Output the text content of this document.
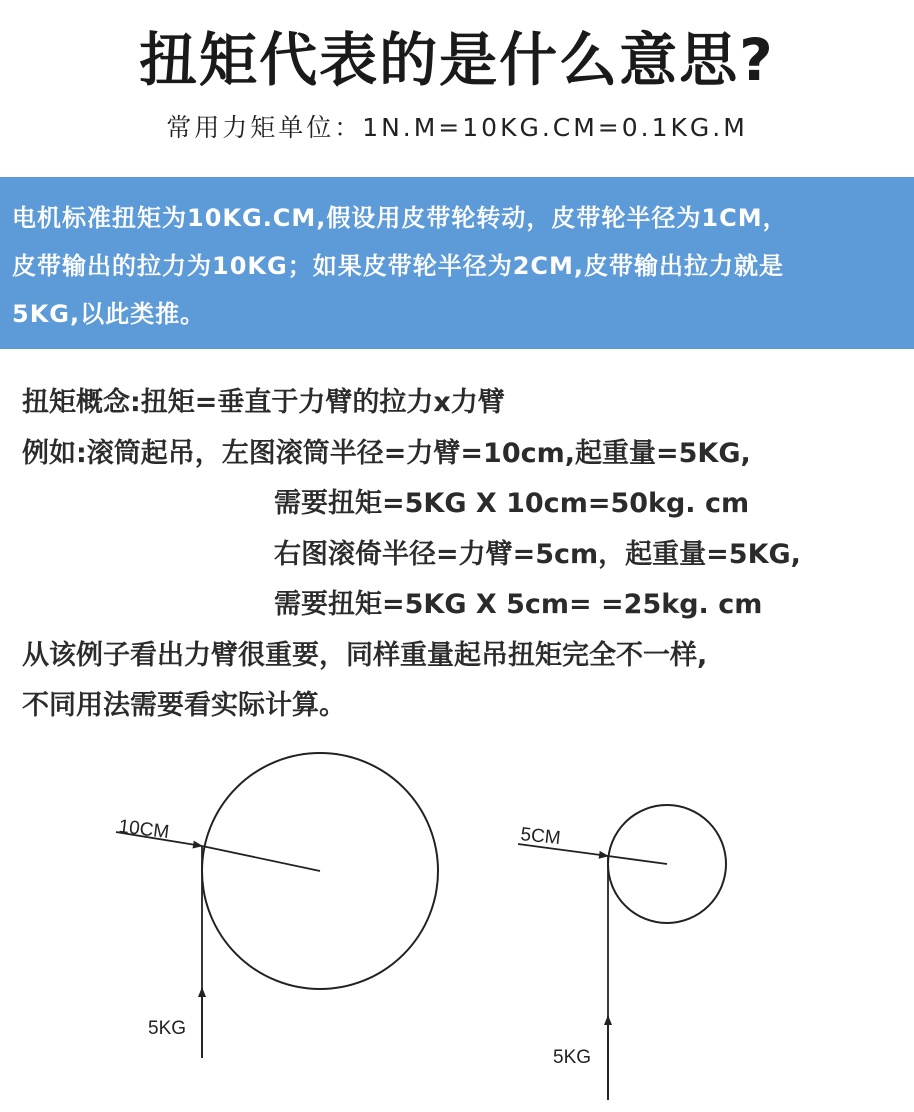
扭矩代表的是什么意思?
常用力矩单位：1N.M=10KG.CM=0.1KG.M

电机标准扭矩为10KG.CM,假设用皮带轮转动，皮带轮半径为1CM，

皮带输出的拉力为10KG；如果皮带轮半径为2CM,皮带输出拉力就是

5KG,以此类推。

扭矩概念:扭矩=垂直于力臂的拉力x力臂

例如:滚筒起吊，左图滚筒半径=力臂=10cm,起重量=5KG,

需要扭矩=5KG X 10cm=50kg. cm

右图滚倚半径=力臂=5cm，起重量=5KG,

需要扭矩=5KG X 5cm= =25kg. cm

从该例子看出力臂很重要，同样重量起吊扭矩完全不一样,

不同用法需要看实际计算。

10CM
5KG
5CM
5KG
